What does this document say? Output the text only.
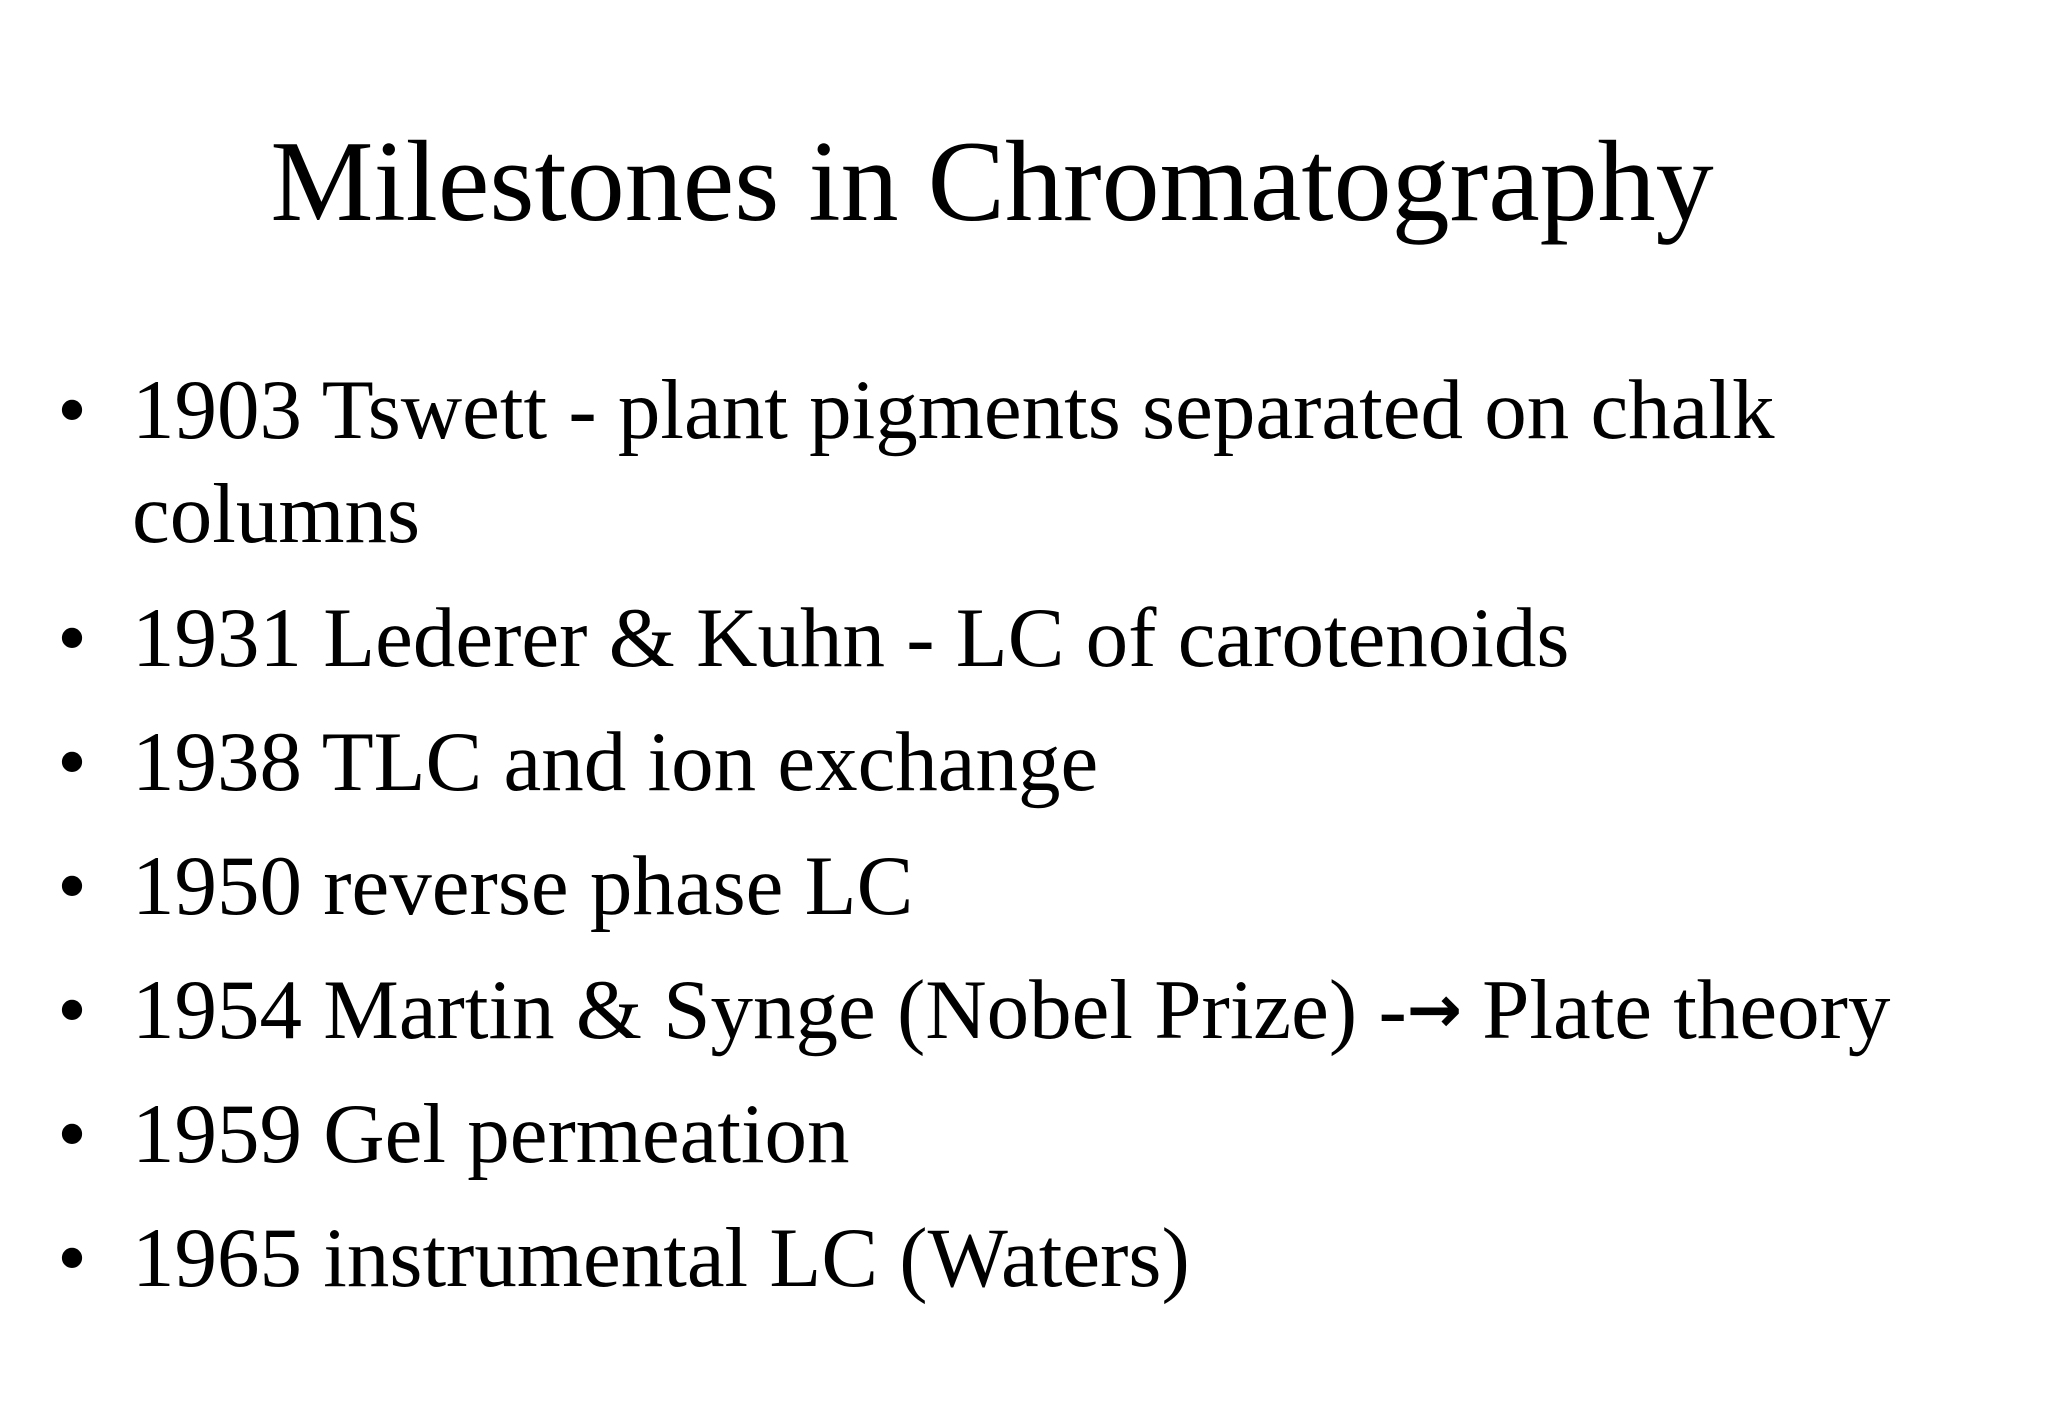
Milestones in Chromatography
• 1903 Tswett - plant pigments separated on chalk columns
• 1931 Lederer & Kuhn - LC of carotenoids
• 1938 TLC and ion exchange
• 1950 reverse phase LC
• 1954 Martin & Synge (Nobel Prize) -→ Plate theory
• 1959 Gel permeation
• 1965 instrumental LC (Waters)
